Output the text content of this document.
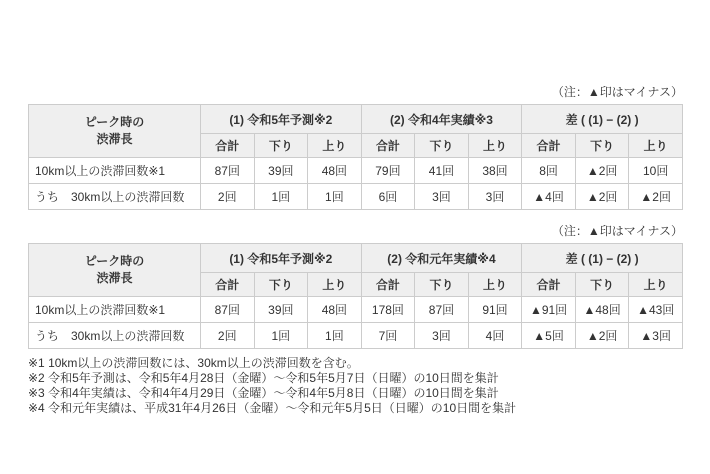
（注：▲印はマイナス）
ピーク時の
渋滞長	(1) 令和5年予測※2			(2) 令和4年実績※3			差 ( (1) − (2) )		
	合計	下り	上り	合計	下り	上り	合計	下り	上り
10km以上の渋滞回数※1	87回	39回	48回	79回	41回	38回	8回	▲2回	10回
うち　30km以上の渋滞回数	2回	1回	1回	6回	3回	3回	▲4回	▲2回	▲2回
（注：▲印はマイナス）
ピーク時の
渋滞長	(1) 令和5年予測※2			(2) 令和元年実績※4			差 ( (1) − (2) )		
	合計	下り	上り	合計	下り	上り	合計	下り	上り
10km以上の渋滞回数※1	87回	39回	48回	178回	87回	91回	▲91回	▲48回	▲43回
うち　30km以上の渋滞回数	2回	1回	1回	7回	3回	4回	▲5回	▲2回	▲3回
※1 10km以上の渋滞回数には、30km以上の渋滞回数を含む。
※2 令和5年予測は、令和5年4月28日（金曜）～令和5年5月7日（日曜）の10日間を集計
※3 令和4年実績は、令和4年4月29日（金曜）～令和4年5月8日（日曜）の10日間を集計
※4 令和元年実績は、平成31年4月26日（金曜）～令和元年5月5日（日曜）の10日間を集計
